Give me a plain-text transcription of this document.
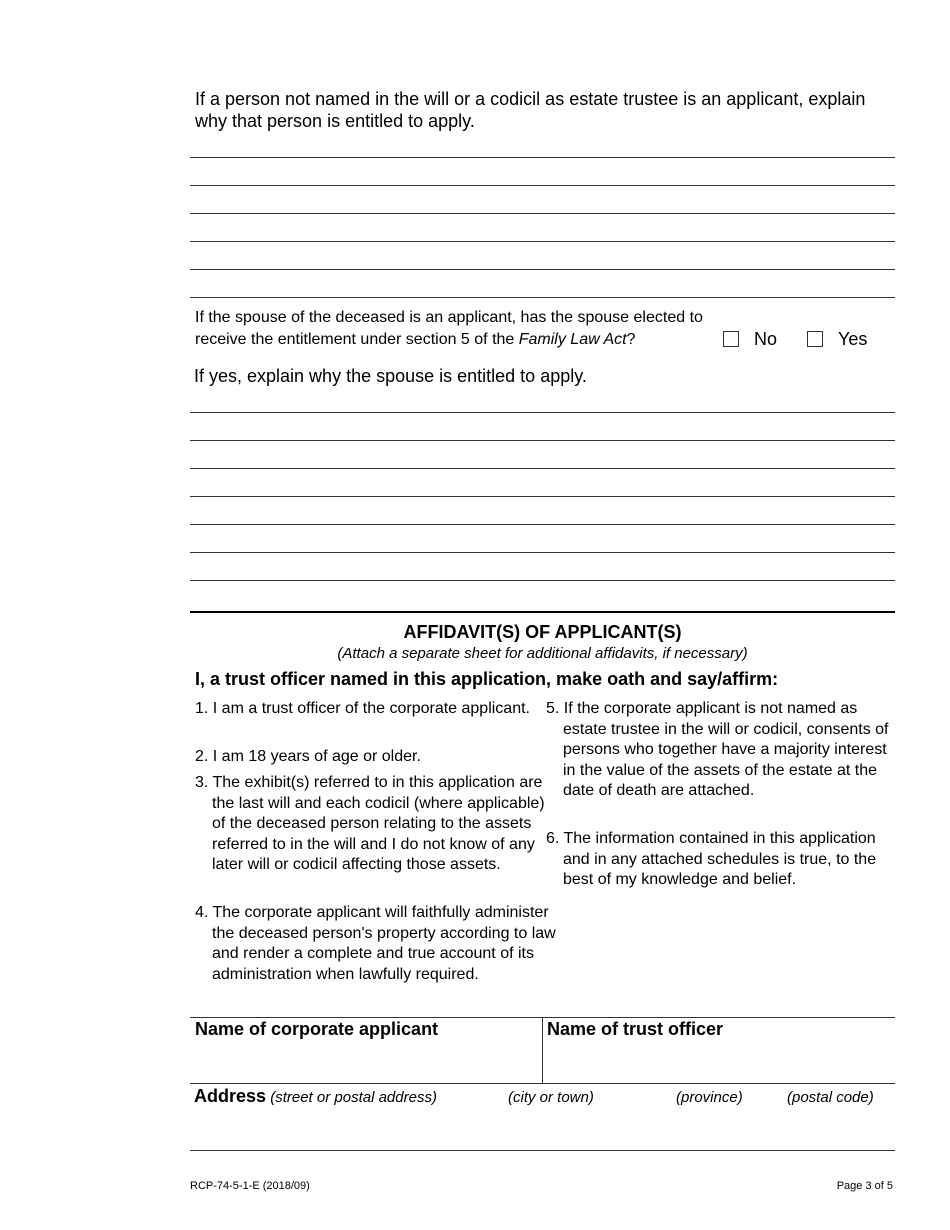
If a person not named in the will or a codicil as estate trustee is an applicant, explain why that person is entitled to apply.
If the spouse of the deceased is an applicant, has the spouse elected to receive the entitlement under section 5 of the Family Law Act?	No	Yes
If yes, explain why the spouse is entitled to apply.
AFFIDAVIT(S) OF APPLICANT(S)
(Attach a separate sheet for additional affidavits, if necessary)
I, a trust officer named in this application, make oath and say/affirm:
1. I am a trust officer of the corporate applicant.
2. I am 18 years of age or older.
3. The exhibit(s) referred to in this application are the last will and each codicil (where applicable) of the deceased person relating to the assets referred to in the will and I do not know of any later will or codicil affecting those assets.
4. The corporate applicant will faithfully administer the deceased person's property according to law and render a complete and true account of its administration when lawfully required.
5. If the corporate applicant is not named as estate trustee in the will or codicil, consents of persons who together have a majority interest in the value of the assets of the estate at the date of death are attached.
6. The information contained in this application and in any attached schedules is true, to the best of my knowledge and belief.
Name of corporate applicant	Name of trust officer
Address (street or postal address)	(city or town)	(province)	(postal code)
RCP-74-5-1-E (2018/09)	Page 3 of 5
